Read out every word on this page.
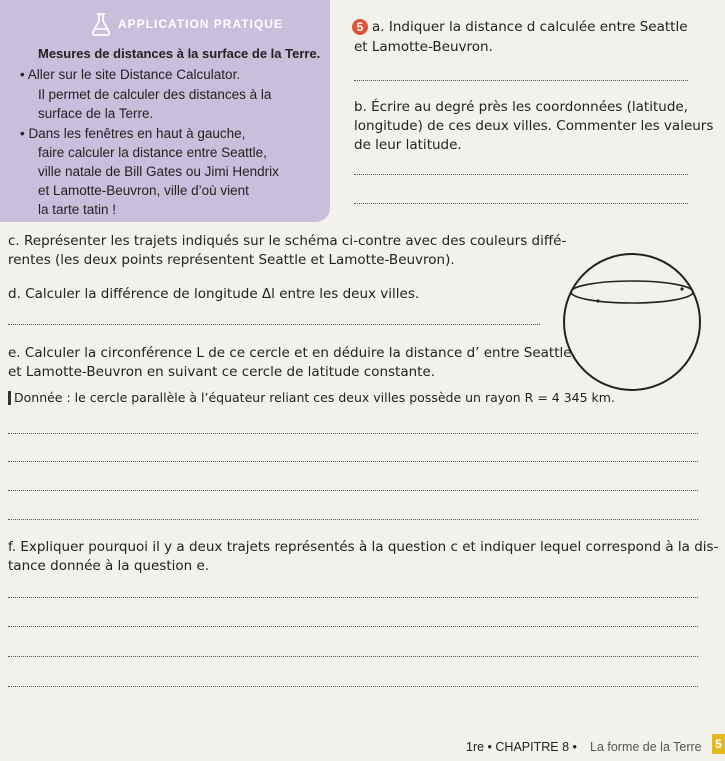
APPLICATION PRATIQUE
Mesures de distances à la surface de la Terre.
• Aller sur le site Distance Calculator.
Il permet de calculer des distances à la
surface de la Terre.
• Dans les fenêtres en haut à gauche,
faire calculer la distance entre Seattle,
ville natale de Bill Gates ou Jimi Hendrix
et Lamotte-Beuvron, ville d’où vient
la tarte tatin !
5 a. Indiquer la distance d calculée entre Seattle
et Lamotte-Beuvron.
b. Écrire au degré près les coordonnées (latitude,
longitude) de ces deux villes. Commenter les valeurs
de leur latitude.
c. Représenter les trajets indiqués sur le schéma ci-contre avec des couleurs diffé-
rentes (les deux points représentent Seattle et Lamotte-Beuvron).
d. Calculer la différence de longitude Δl entre les deux villes.
e. Calculer la circonférence L de ce cercle et en déduire la distance d’ entre Seattle
et Lamotte-Beuvron en suivant ce cercle de latitude constante.
Donnée : le cercle parallèle à l’équateur reliant ces deux villes possède un rayon R = 4 345 km.
f. Expliquer pourquoi il y a deux trajets représentés à la question c et indiquer lequel correspond à la dis-
tance donnée à la question e.
1re • CHAPITRE 8 • La forme de la Terre 5
